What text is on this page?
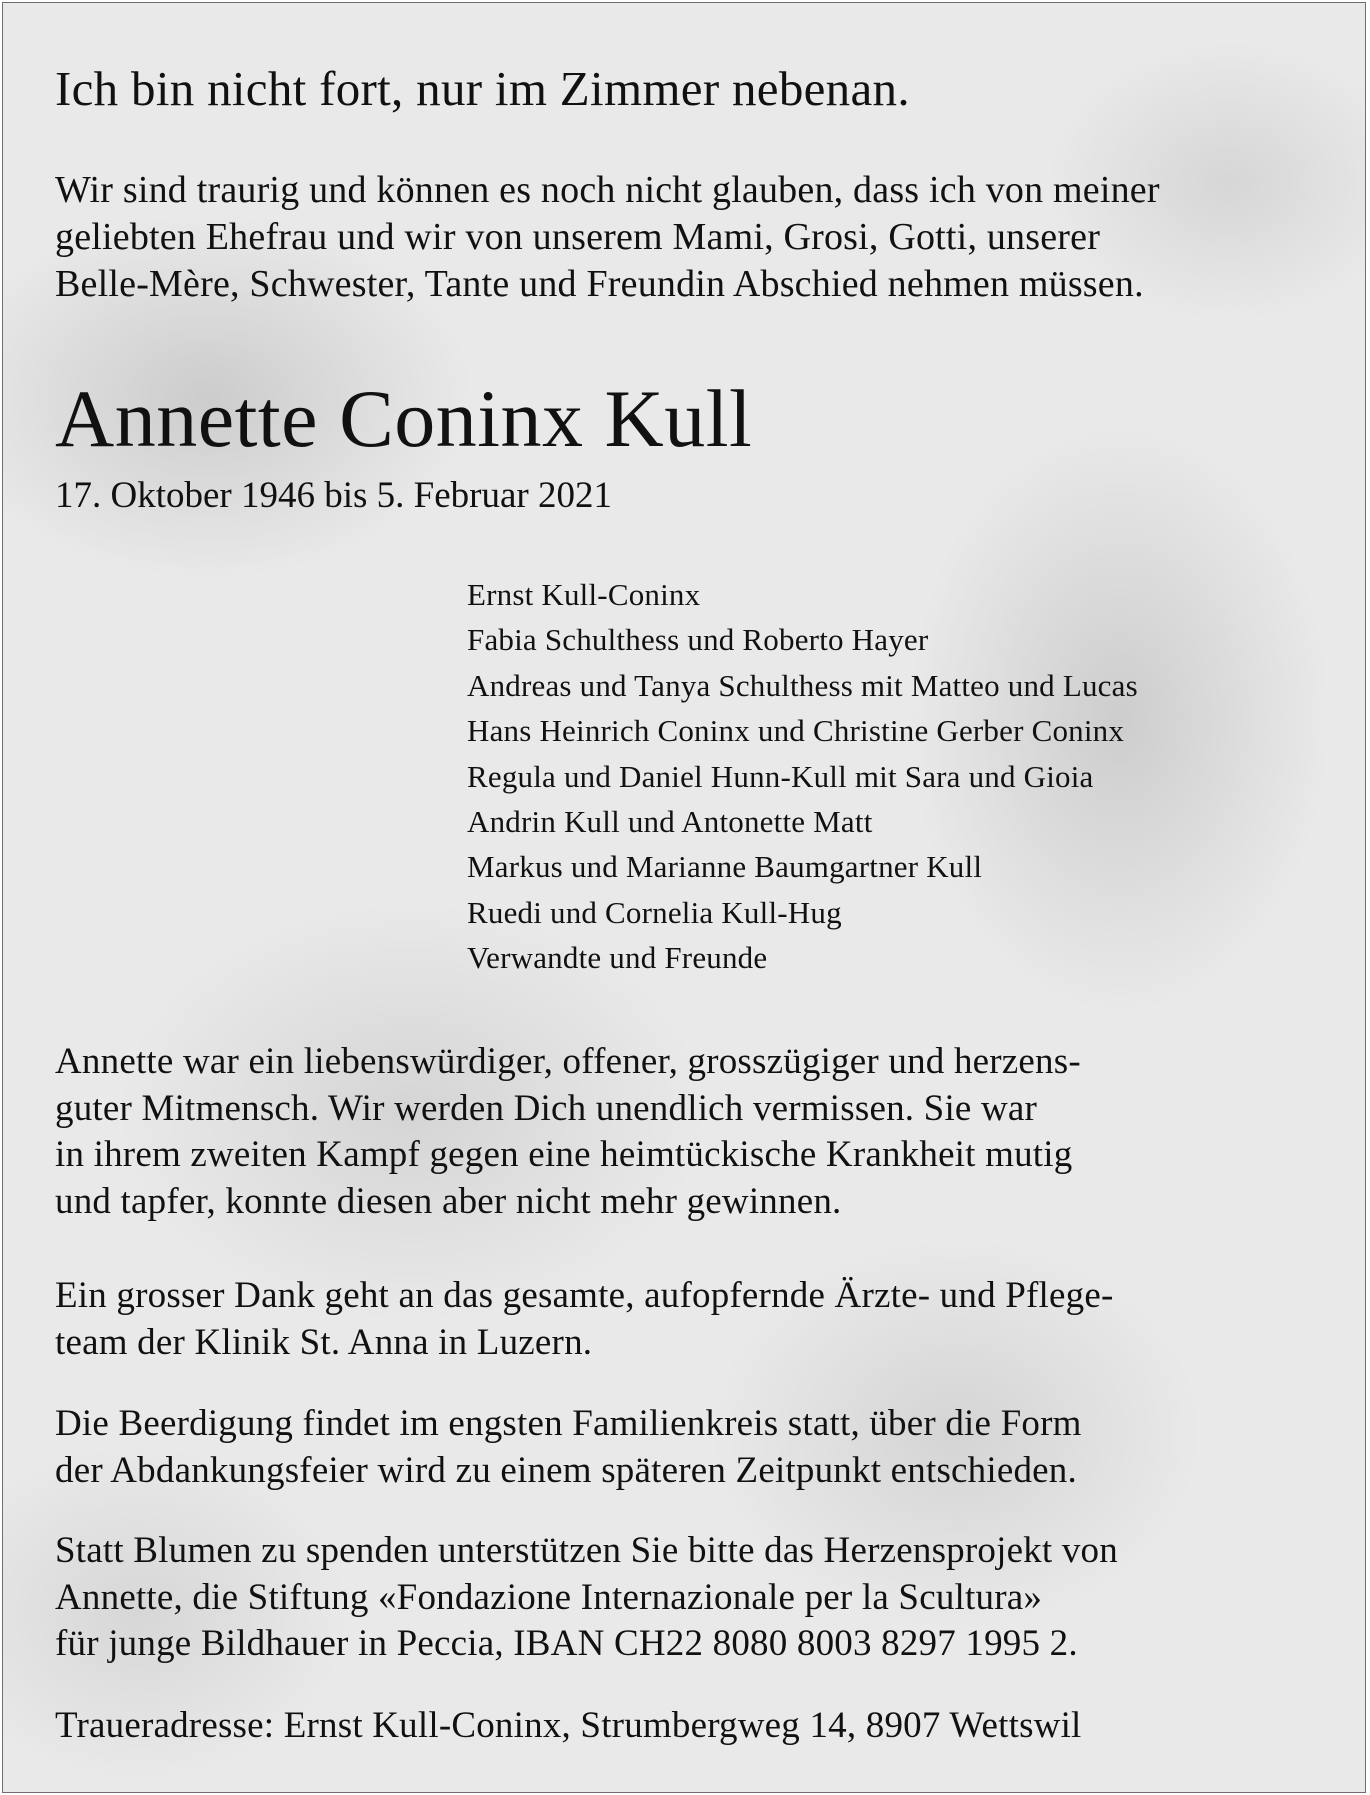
Ich bin nicht fort, nur im Zimmer nebenan.
Wir sind traurig und können es noch nicht glauben, dass ich von meiner
geliebten Ehefrau und wir von unserem Mami, Grosi, Gotti, unserer
Belle-Mère, Schwester, Tante und Freundin Abschied nehmen müssen.
Annette Coninx Kull
17. Oktober 1946 bis 5. Februar 2021
Ernst Kull-Coninx
Fabia Schulthess und Roberto Hayer
Andreas und Tanya Schulthess mit Matteo und Lucas
Hans Heinrich Coninx und Christine Gerber Coninx
Regula und Daniel Hunn-Kull mit Sara und Gioia
Andrin Kull und Antonette Matt
Markus und Marianne Baumgartner Kull
Ruedi und Cornelia Kull-Hug
Verwandte und Freunde
Annette war ein liebenswürdiger, offener, grosszügiger und herzens-
guter Mitmensch. Wir werden Dich unendlich vermissen. Sie war
in ihrem zweiten Kampf gegen eine heimtückische Krankheit mutig
und tapfer, konnte diesen aber nicht mehr gewinnen.
Ein grosser Dank geht an das gesamte, aufopfernde Ärzte- und Pflege-
team der Klinik St. Anna in Luzern.
Die Beerdigung findet im engsten Familienkreis statt, über die Form
der Abdankungsfeier wird zu einem späteren Zeitpunkt entschieden.
Statt Blumen zu spenden unterstützen Sie bitte das Herzensprojekt von
Annette, die Stiftung «Fondazione Internazionale per la Scultura»
für junge Bildhauer in Peccia, IBAN CH22 8080 8003 8297 1995 2.
Traueradresse: Ernst Kull-Coninx, Strumbergweg 14, 8907 Wettswil
